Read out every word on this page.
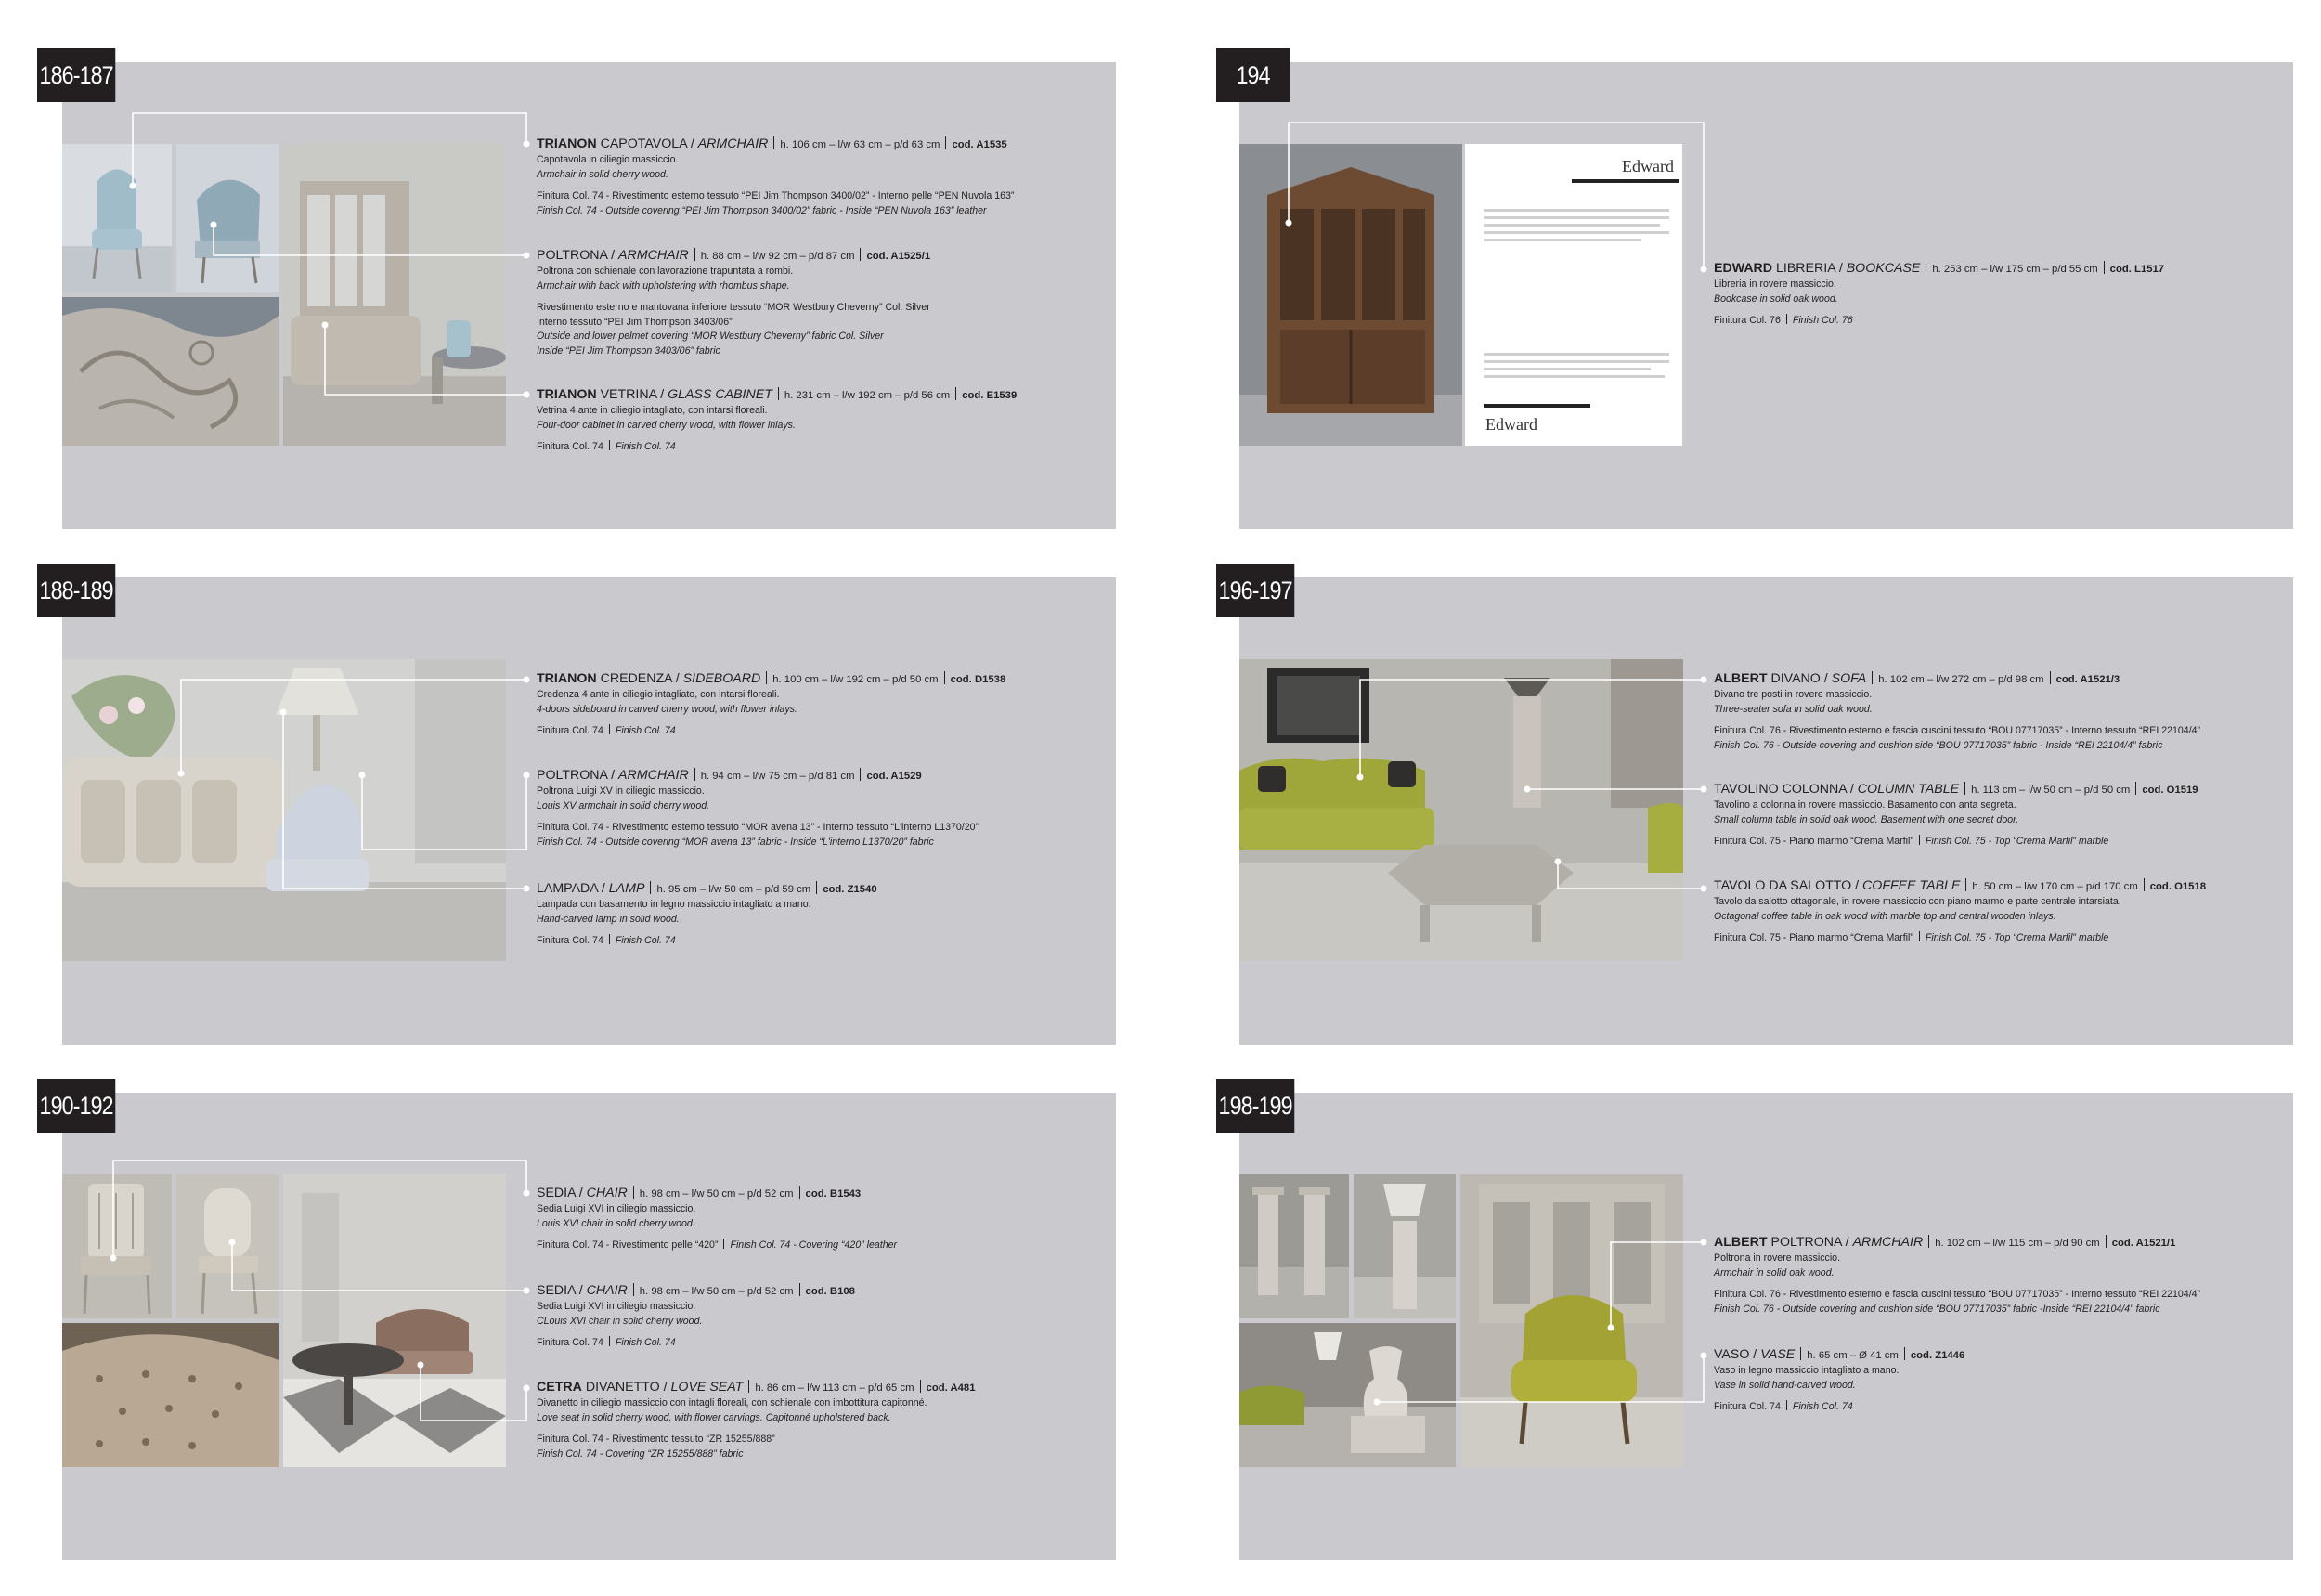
186-187	194
188-189	196-197
190-192	198-199
Edward
Edward
TRIANON CAPOTAVOLA / ARMCHAIR h. 106 cm – l/w 63 cm – p/d 63 cm cod. A1535
Capotavola in ciliegio massiccio.
Armchair in solid cherry wood.
Finitura Col. 74 - Rivestimento esterno tessuto “PEI Jim Thompson 3400/02” - Interno pelle “PEN Nuvola 163”
Finish Col. 74 - Outside covering “PEI Jim Thompson 3400/02” fabric - Inside “PEN Nuvola 163” leather
POLTRONA / ARMCHAIR h. 88 cm – l/w 92 cm – p/d 87 cm cod. A1525/1
Poltrona con schienale con lavorazione trapuntata a rombi.
Armchair with back with upholstering with rhombus shape.
Rivestimento esterno e mantovana inferiore tessuto “MOR Westbury Cheverny” Col. Silver
Interno tessuto “PEI Jim Thompson 3403/06”
Outside and lower pelmet covering “MOR Westbury Cheverny” fabric Col. Silver
Inside “PEI Jim Thompson 3403/06” fabric
TRIANON VETRINA / GLASS CABINET h. 231 cm – l/w 192 cm – p/d 56 cm cod. E1539
Vetrina 4 ante in ciliegio intagliato, con intarsi floreali.
Four-door cabinet in carved cherry wood, with flower inlays.
Finitura Col. 74 Finish Col. 74
EDWARD LIBRERIA / BOOKCASE h. 253 cm – l/w 175 cm – p/d 55 cm cod. L1517
Libreria in rovere massiccio.
Bookcase in solid oak wood.
Finitura Col. 76 Finish Col. 76
TRIANON CREDENZA / SIDEBOARD h. 100 cm – l/w 192 cm – p/d 50 cm cod. D1538
Credenza 4 ante in ciliegio intagliato, con intarsi floreali.
4-doors sideboard in carved cherry wood, with flower inlays.
Finitura Col. 74 Finish Col. 74
POLTRONA / ARMCHAIR h. 94 cm – l/w 75 cm – p/d 81 cm cod. A1529
Poltrona Luigi XV in ciliegio massiccio.
Louis XV armchair in solid cherry wood.
Finitura Col. 74 - Rivestimento esterno tessuto “MOR avena 13” - Interno tessuto “L'interno L1370/20”
Finish Col. 74 - Outside covering “MOR avena 13” fabric - Inside “L'interno L1370/20” fabric
LAMPADA / LAMP h. 95 cm – l/w 50 cm – p/d 59 cm cod. Z1540
Lampada con basamento in legno massiccio intagliato a mano.
Hand-carved lamp in solid wood.
Finitura Col. 74 Finish Col. 74
ALBERT DIVANO / SOFA h. 102 cm – l/w 272 cm – p/d 98 cm cod. A1521/3
Divano tre posti in rovere massiccio.
Three-seater sofa in solid oak wood.
Finitura Col. 76 - Rivestimento esterno e fascia cuscini tessuto “BOU 07717035” - Interno tessuto “REI 22104/4”
Finish Col. 76 - Outside covering and cushion side “BOU 07717035” fabric - Inside “REI 22104/4” fabric
TAVOLINO COLONNA / COLUMN TABLE h. 113 cm – l/w 50 cm – p/d 50 cm cod. O1519
Tavolino a colonna in rovere massiccio. Basamento con anta segreta.
Small column table in solid oak wood. Basement with one secret door.
Finitura Col. 75 - Piano marmo “Crema Marfil” Finish Col. 75 - Top “Crema Marfil” marble
TAVOLO DA SALOTTO / COFFEE TABLE h. 50 cm – l/w 170 cm – p/d 170 cm cod. O1518
Tavolo da salotto ottagonale, in rovere massiccio con piano marmo e parte centrale intarsiata.
Octagonal coffee table in oak wood with marble top and central wooden inlays.
Finitura Col. 75 - Piano marmo “Crema Marfil” Finish Col. 75 - Top “Crema Marfil” marble
SEDIA / CHAIR h. 98 cm – l/w 50 cm – p/d 52 cm cod. B1543
Sedia Luigi XVI in ciliegio massiccio.
Louis XVI chair in solid cherry wood.
Finitura Col. 74 - Rivestimento pelle “420” Finish Col. 74 - Covering “420” leather
SEDIA / CHAIR h. 98 cm – l/w 50 cm – p/d 52 cm cod. B108
Sedia Luigi XVI in ciliegio massiccio.
CLouis XVI chair in solid cherry wood.
Finitura Col. 74 Finish Col. 74
CETRA DIVANETTO / LOVE SEAT h. 86 cm – l/w 113 cm – p/d 65 cm cod. A481
Divanetto in ciliegio massiccio con intagli floreali, con schienale con imbottitura capitonné.
Love seat in solid cherry wood, with flower carvings. Capitonné upholstered back.
Finitura Col. 74 - Rivestimento tessuto “ZR 15255/888”
Finish Col. 74 - Covering “ZR 15255/888” fabric
ALBERT POLTRONA / ARMCHAIR h. 102 cm – l/w 115 cm – p/d 90 cm cod. A1521/1
Poltrona in rovere massiccio.
Armchair in solid oak wood.
Finitura Col. 76 - Rivestimento esterno e fascia cuscini tessuto “BOU 07717035” - Interno tessuto “REI 22104/4”
Finish Col. 76 - Outside covering and cushion side “BOU 07717035” fabric -Inside “REI 22104/4” fabric
VASO / VASE h. 65 cm – Ø 41 cm cod. Z1446
Vaso in legno massiccio intagliato a mano.
Vase in solid hand-carved wood.
Finitura Col. 74 Finish Col. 74
